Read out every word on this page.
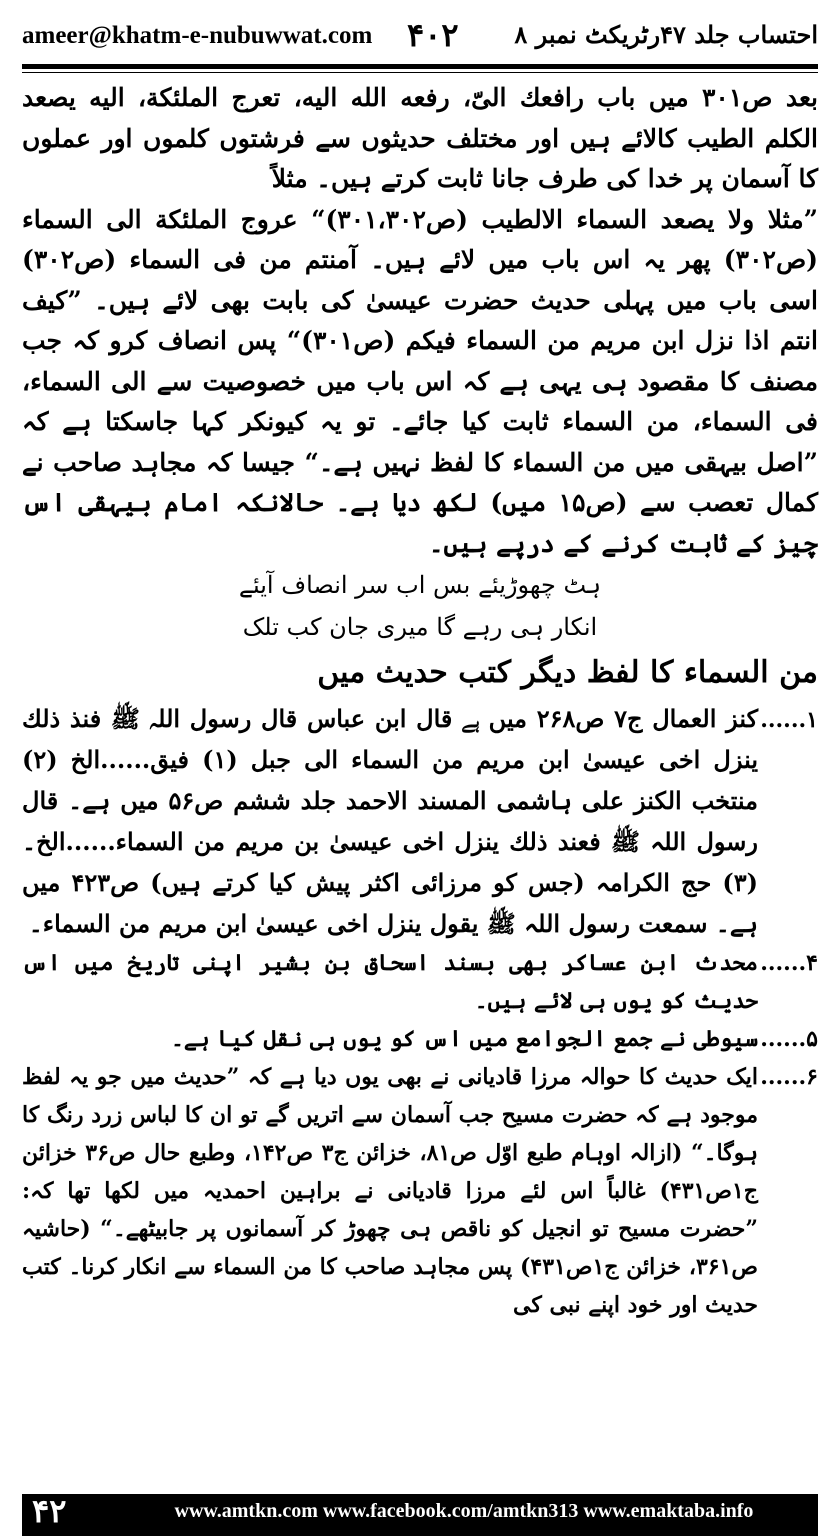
ameer@khatm-e-nubuwwat.com ۴۰۲ احتساب جلد ۴۷رٹریکٹ نمبر ۸

بعد ص۳۰۱ میں باب رافعك الیّ، رفعه الله الیه، تعرج الملئكة، الیه یصعد الكلم الطیب کالائے ہیں اور مختلف حدیثوں سے فرشتوں کلموں اور عملوں کا آسمان پر خدا کی طرف جانا ثابت کرتے ہیں۔ مثلاً

”مثلا ولا یصعد السماء الالطیب (ص۳۰۱،۳۰۲)“ عروج الملئكة الی السماء (ص۳۰۲) پھر یہ اس باب میں لائے ہیں۔ آمنتم من فی السماء (ص۳۰۲) اسی باب میں پہلی حدیث حضرت عیسیٰ کی بابت بھی لائے ہیں۔ ”كیف انتم اذا نزل ابن مریم من السماء فیكم (ص۳۰۱)“ پس انصاف کرو کہ جب مصنف کا مقصود ہی یہی ہے کہ اس باب میں خصوصیت سے الی السماء، فی السماء، من السماء ثابت کیا جائے۔ تو یہ کیونکر کہا جاسکتا ہے کہ ”اصل بیہقی میں من السماء کا لفظ نہیں ہے۔“ جیسا کہ مجاہد صاحب نے کمال تعصب سے (ص۱۵ میں) لکھ دیا ہے۔ حالانکہ امام بیہقی اس چیز کے ثابت کرنے کے درپے ہیں۔

ہٹ چھوڑیئے بس اب سر انصاف آیئے

انکار ہی رہے گا میری جان کب تلک

من السماء کا لفظ دیگر کتب حدیث میں

۱......
کنز العمال ج۷ ص۲۶۸ میں ہے قال ابن عباس قال رسول اللہ ﷺ فنذ ذلك ینزل اخی عیسیٰ ابن مریم من السماء الی جبل (۱) فیق......الخ (۲) منتخب الکنز علی ہاشمی المسند الاحمد جلد ششم ص۵۶ میں ہے۔ قال رسول اللہ ﷺ فعند ذلك ینزل اخی عیسیٰ بن مریم من السماء......الخ۔ (۳) حج الکرامہ (جس کو مرزائی اکثر پیش کیا کرتے ہیں) ص۴۲۳ میں ہے۔ سمعت رسول اللہ ﷺ یقول ینزل اخی عیسیٰ ابن مریم من السماء۔
۴......
محدث ابن عساکر بھی بسند اسحاق بن بشیر اپنی تاریخ میں اس حدیث کو یوں ہی لائے ہیں۔
۵......
سیوطی نے جمع الجوامع میں اس کو یوں ہی نقل کیا ہے۔
۶......
ایک حدیث کا حوالہ مرزا قادیانی نے بھی یوں دیا ہے کہ ”حدیث میں جو یہ لفظ موجود ہے کہ حضرت مسیح جب آسمان سے اتریں گے تو ان کا لباس زرد رنگ کا ہوگا۔“ (ازالہ اوہام طبع اوّل ص۸۱، خزائن ج۳ ص۱۴۲، وطبع حال ص۳۶ خزائن ج۱ص۴۳۱) غالباً اس لئے مرزا قادیانی نے براہین احمدیہ میں لکھا تھا کہ: ”حضرت مسیح تو انجیل کو ناقص ہی چھوڑ کر آسمانوں پر جابیٹھے۔“ (حاشیہ ص۳۶۱، خزائن ج۱ص۴۳۱) پس مجاہد صاحب کا من السماء سے انکار کرنا۔ کتب حدیث اور خود اپنے نبی کی
۴۲	www.amtkn.com www.facebook.com/amtkn313 www.emaktaba.info
